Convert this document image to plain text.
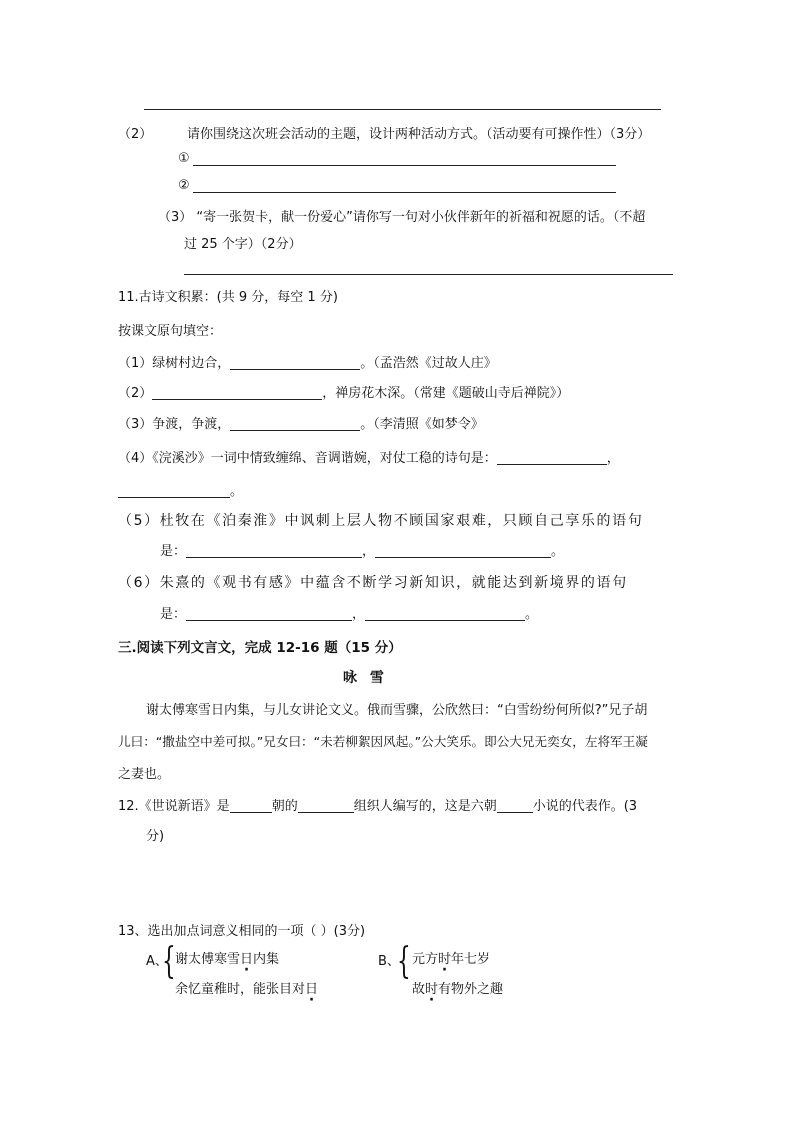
（2）	请你围绕这次班会活动的主题，设计两种活动方式。（活动要有可操作性）（3分）
①
②
（3） “寄一张贺卡，献一份爱心”请你写一句对小伙伴新年的祈福和祝愿的话。（不超
过 25 个字）（2分）
11.古诗文积累：(共 9 分，每空 1 分)
按课文原句填空：
（1）绿树村边合，	。（孟浩然《过故人庄》
（2）	，禅房花木深。（常建《题破山寺后禅院》）
（3）争渡，争渡，	。（李清照《如梦令》
（4）《浣溪沙》一词中情致缠绵、音调谐婉，对仗工稳的诗句是：	，
。
（5）杜牧在《泊秦淮》中讽刺上层人物不顾国家艰难，只顾自己享乐的语句
是：	，	。
（6）朱熹的《观书有感》中蕴含不断学习新知识，就能达到新境界的语句
是：	，	。
三.阅读下列文言文，完成 12-16 题（15 分）
咏 雪
谢太傅寒雪日内集，与儿女讲论文义。俄而雪骤，公欣然曰：“白雪纷纷何所似?”兄子胡
儿曰：“撒盐空中差可拟。”兄女曰：“未若柳絮因风起。”公大笑乐。即公大兄无奕女，左将军王凝
之妻也。
12.《世说新语》是	朝的	组织人编写的，这是六朝	小说的代表作。(3
分)
13、选出加点词意义相同的一项（ ）(3分)
A、
{ 谢太傅寒雪日内集
余忆童稚时，能张目对日
B、
{ 元方时年七岁
故时有物外之趣
